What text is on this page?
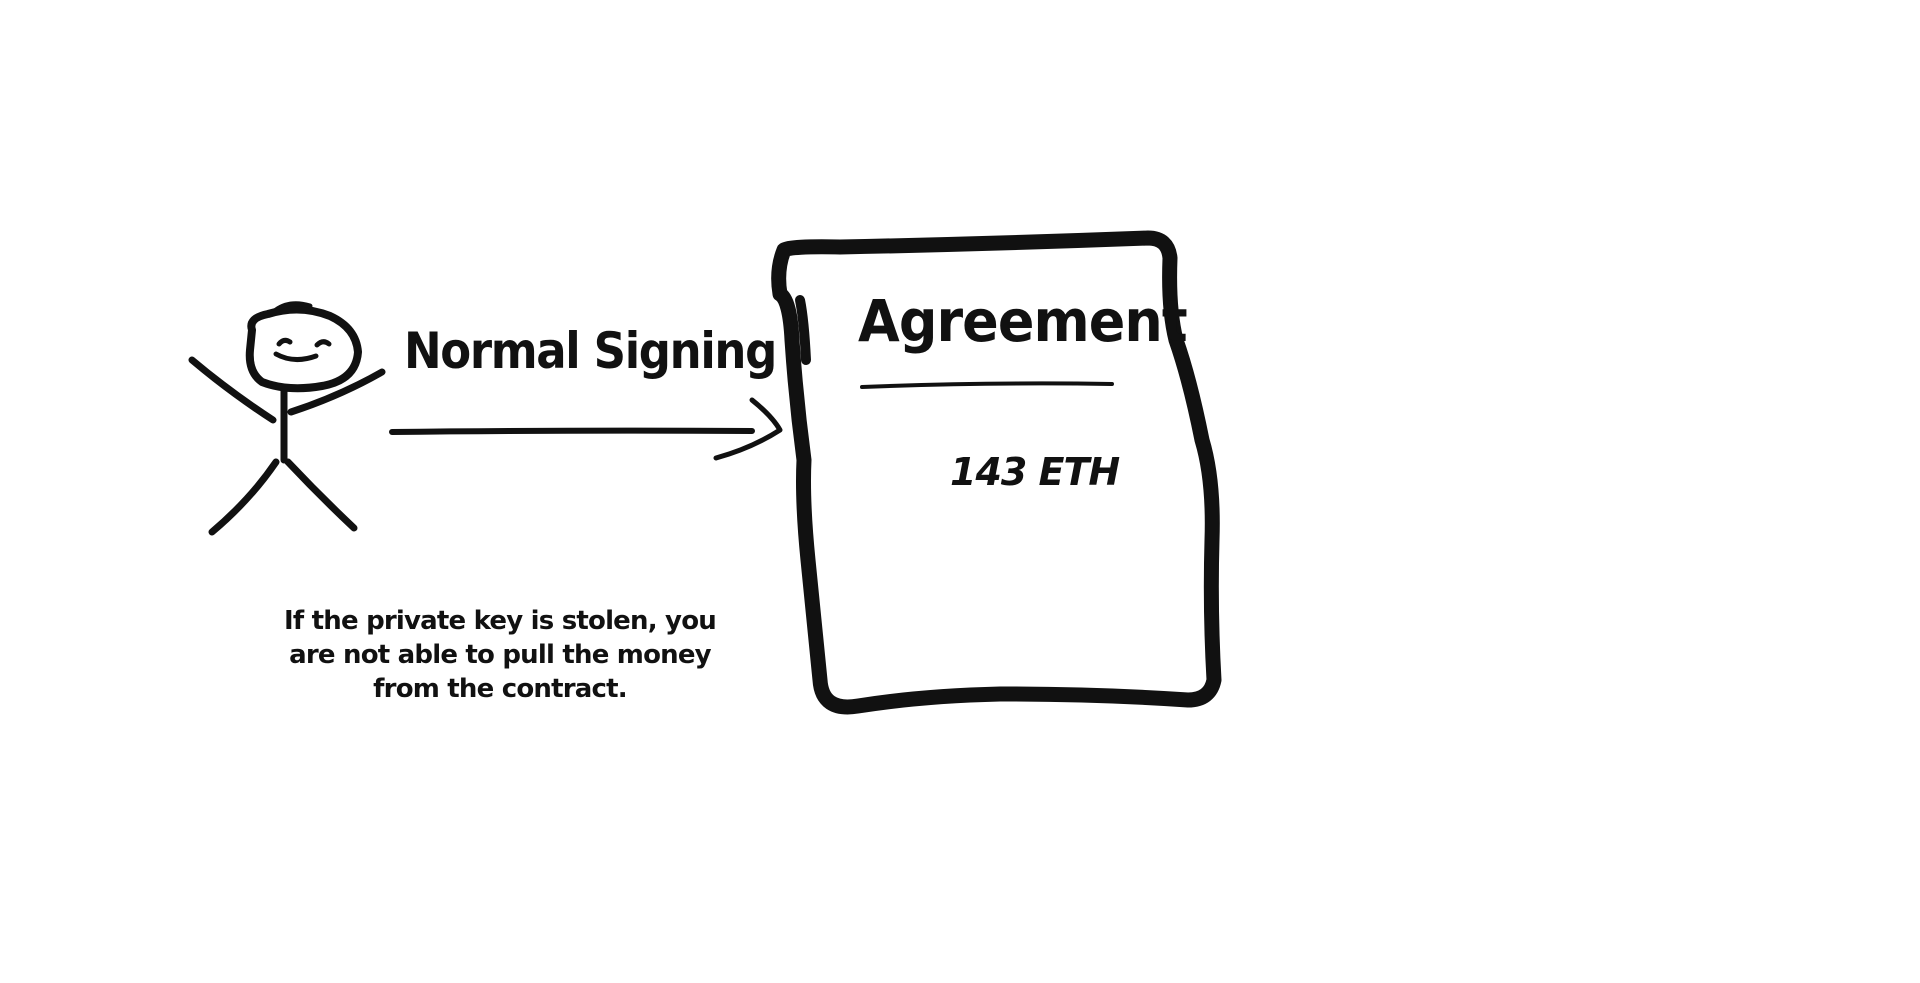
Normal Signing Agreement

143 ETH

If the private key is stolen, you are not able to pull the money from the contract.
